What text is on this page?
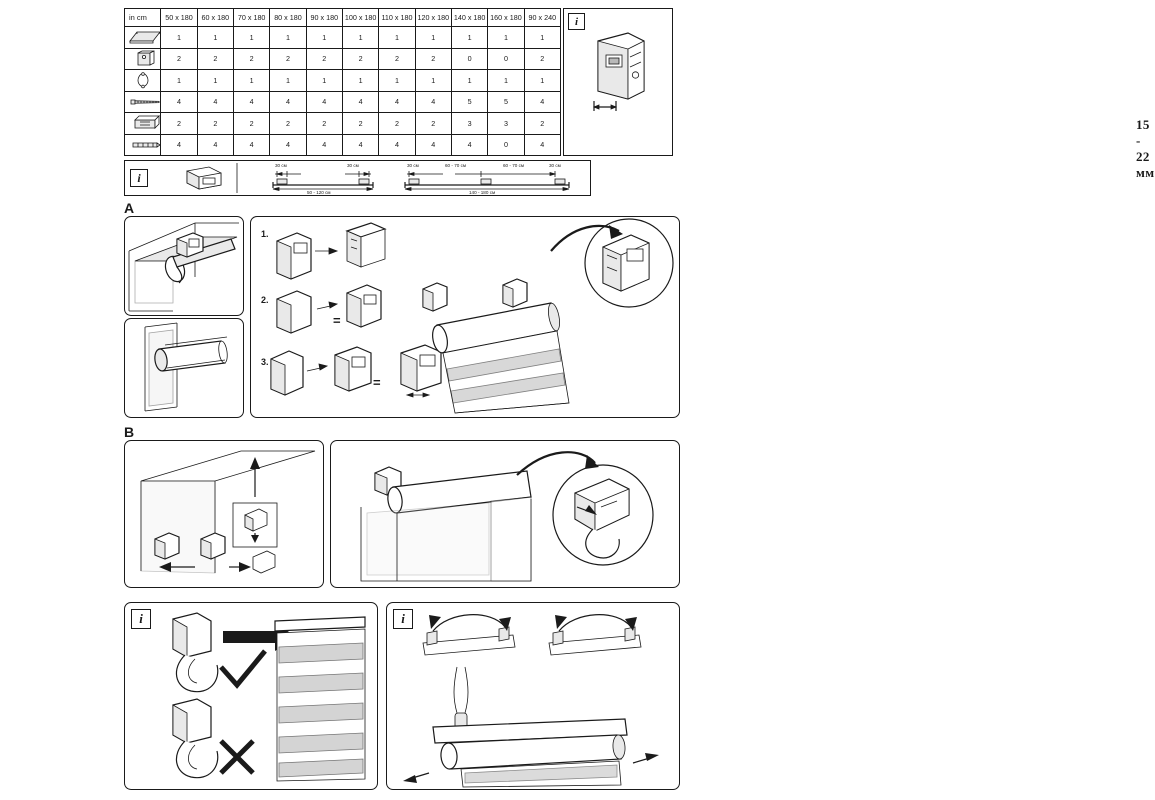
in cm	50 x 180	60 x 180	70 x 180	80 x 180	90 x 180	100 x 180	110 x 180	120 x 180	140 x 180	160 x 180	90 x 240

	1	1	1	1	1	1	1	1	1	1	1

	2	2	2	2	2	2	2	2	0	0	2

	1	1	1	1	1	1	1	1	1	1	1

	4	4	4	4	4	4	4	4	5	5	4

	2	2	2	2	2	2	2	2	3	3	2

	4	4	4	4	4	4	4	4	4	0	4
i
15 - 22 мм
i
30 см	30 см
50 - 120 см
30 см	60 - 70 см	60 - 70 см	30 см
140 - 180 см
A
1.
2.
3.
=
=
B
i	i
